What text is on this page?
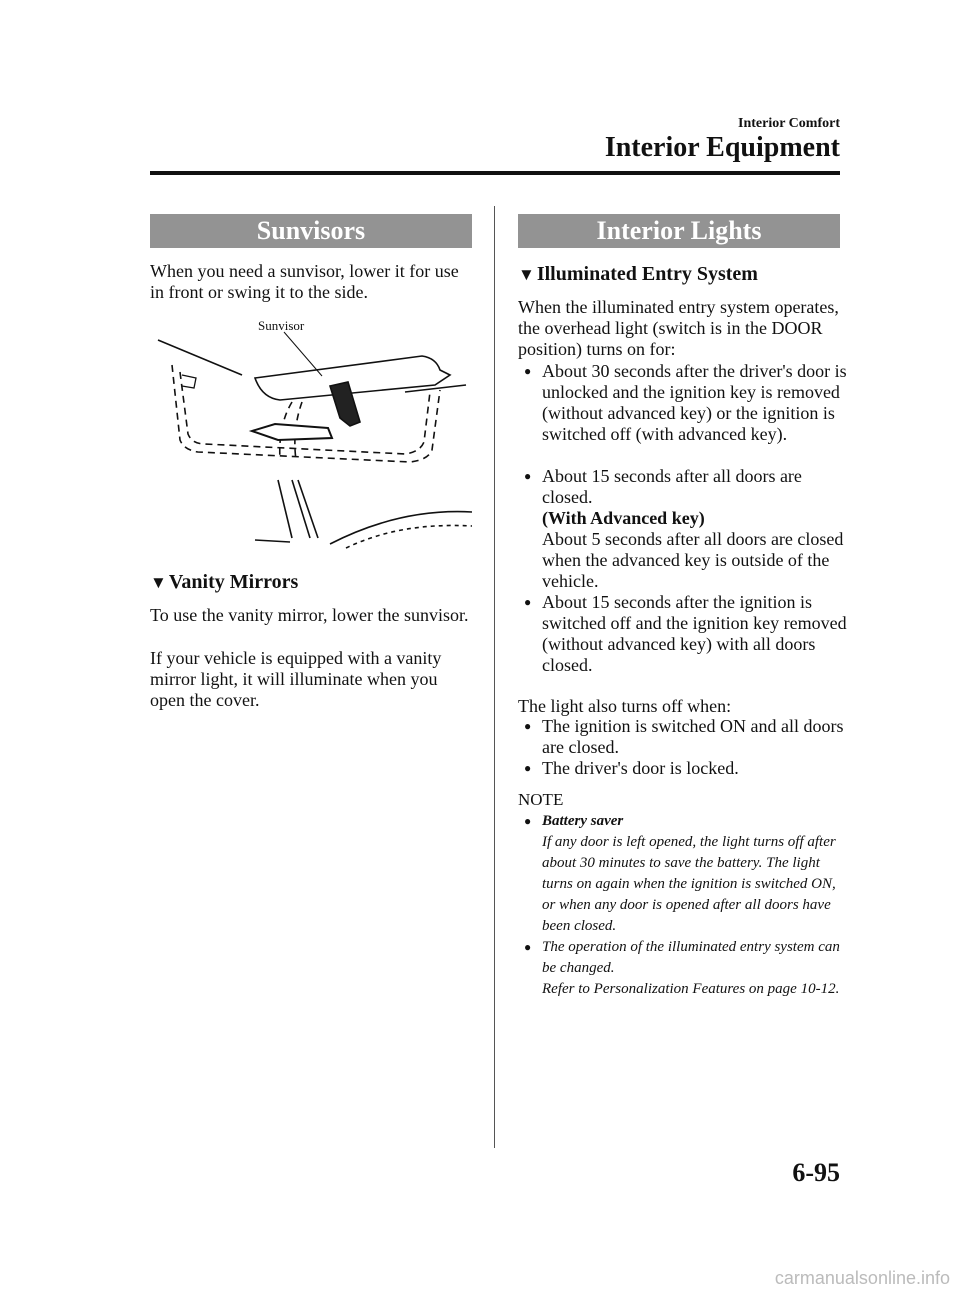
Interior Comfort
Interior Equipment
Sunvisors
When you need a sunvisor, lower it for use in front or swing it to the side.
Sunvisor
▼ Vanity Mirrors
To use the vanity mirror, lower the sunvisor.
If your vehicle is equipped with a vanity mirror light, it will illuminate when you open the cover.
Interior Lights
▼ Illuminated Entry System
When the illuminated entry system operates, the overhead light (switch is in the DOOR position) turns on for:
● About 30 seconds after the driver's door is unlocked and the ignition key is removed (without advanced key) or the ignition is switched off (with advanced key).
● About 15 seconds after all doors are closed.
(With Advanced key)
About 5 seconds after all doors are closed when the advanced key is outside of the vehicle.
● About 15 seconds after the ignition is switched off and the ignition key removed (without advanced key) with all doors closed.
The light also turns off when:
● The ignition is switched ON and all doors are closed.
● The driver's door is locked.
NOTE
● Battery saver
If any door is left opened, the light turns off after about 30 minutes to save the battery. The light turns on again when the ignition is switched ON, or when any door is opened after all doors have been closed.
● The operation of the illuminated entry system can be changed.
Refer to Personalization Features on page 10-12.
6-95
carmanualsonline.info
